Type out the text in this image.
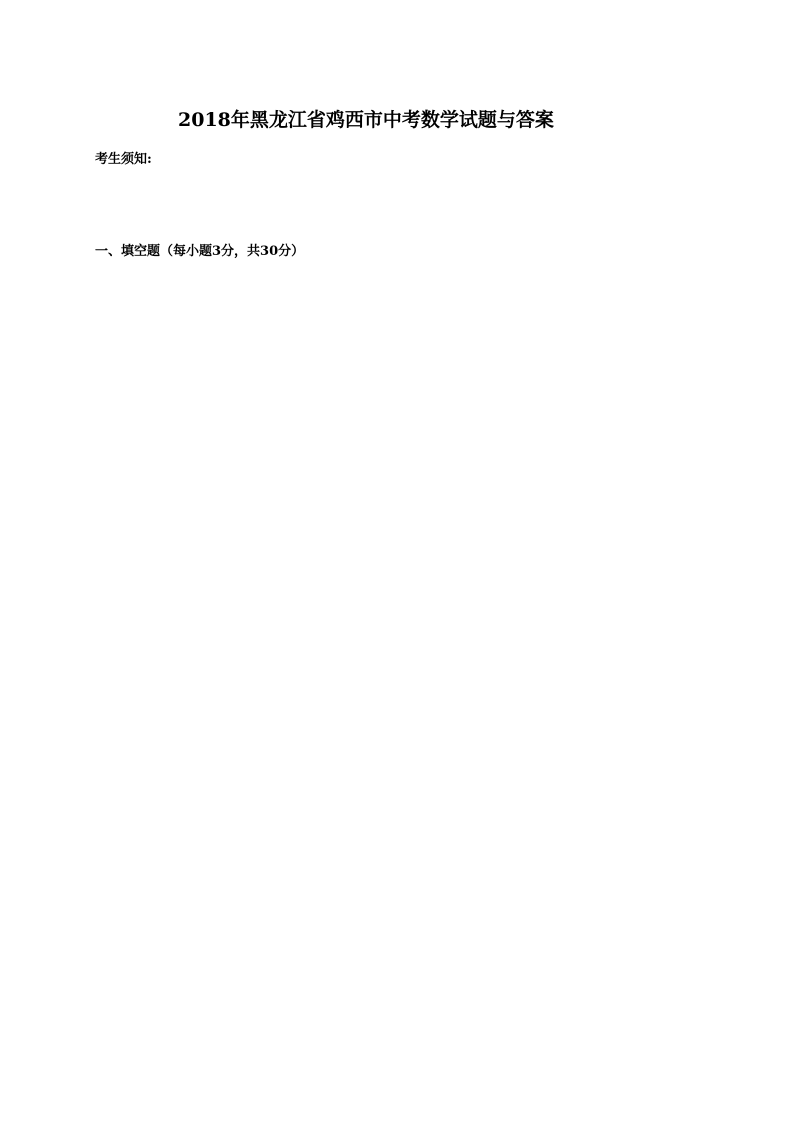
2018年黑龙江省鸡西市中考数学试题与答案
考生须知:
一、填空题（每小题3分，共30分）
